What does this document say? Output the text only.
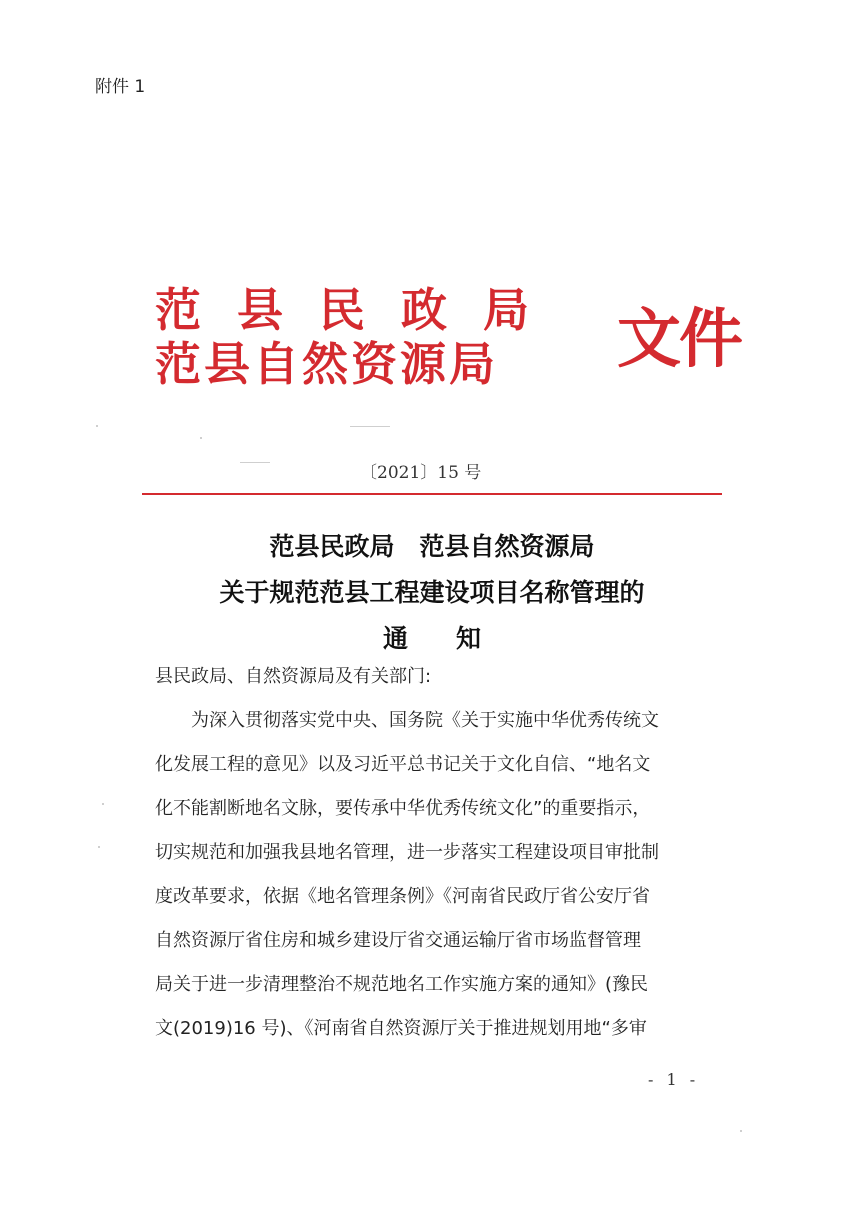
附件 1
范县民政局
范县自然资源局 文件
〔2021〕15 号
范县民政局　范县自然资源局
关于规范范县工程建设项目名称管理的
通知
县民政局、自然资源局及有关部门:
为深入贯彻落实党中央、国务院《关于实施中华优秀传统文
化发展工程的意见》以及习近平总书记关于文化自信、“地名文
化不能割断地名文脉，要传承中华优秀传统文化”的重要指示，
切实规范和加强我县地名管理，进一步落实工程建设项目审批制
度改革要求，依据《地名管理条例》《河南省民政厅省公安厅省
自然资源厅省住房和城乡建设厅省交通运输厅省市场监督管理
局关于进一步清理整治不规范地名工作实施方案的通知》(豫民
文(2019)16 号)、《河南省自然资源厅关于推进规划用地“多审
- 1 -
